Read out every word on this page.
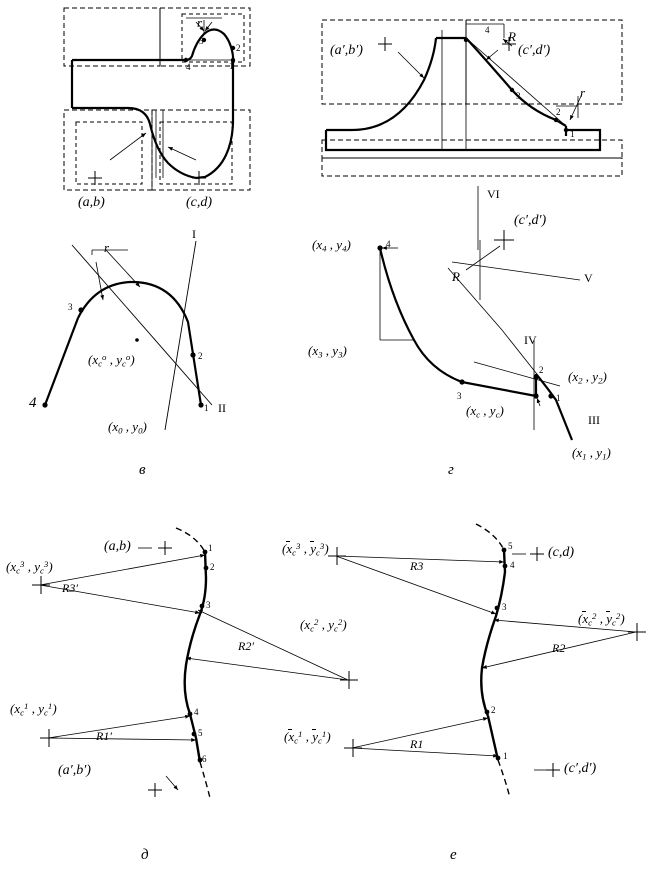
r
2
1
3
4
(a,b)	(c,d)
(a′,b′)	(c′,d′)
R
r
4
3
2
1
r
I
II
($x_c^o$ , $y_c^o$)
($x_0$ , $y_0$)
1
2
3
4
в
($x_4$ , $y_4$)
($x_3$ , $y_3$)
($x_2$ , $y_2$)
($x_1$ , $y_1$)
($x_c$ , $y_c$)
(c′,d′)
R
III
IV
V
VI
4
3
2
1
г
($x_c^3$ , $y_c^3$)
($x_c^2$ , $y_c^2$)
($x_c^1$ , $y_c^1$)
(a,b)
(a′,b′)
R3′
R2′
R1′
1
2
3
4
5
6
д
($x_c^3$ , $y_c^3$)
($x_c^2$ , $y_c^2$)
($x_c^1$ , $y_c^1$)
(c,d)
(c′,d′)
R3
R2
R1
5
4
3
2
1
е
